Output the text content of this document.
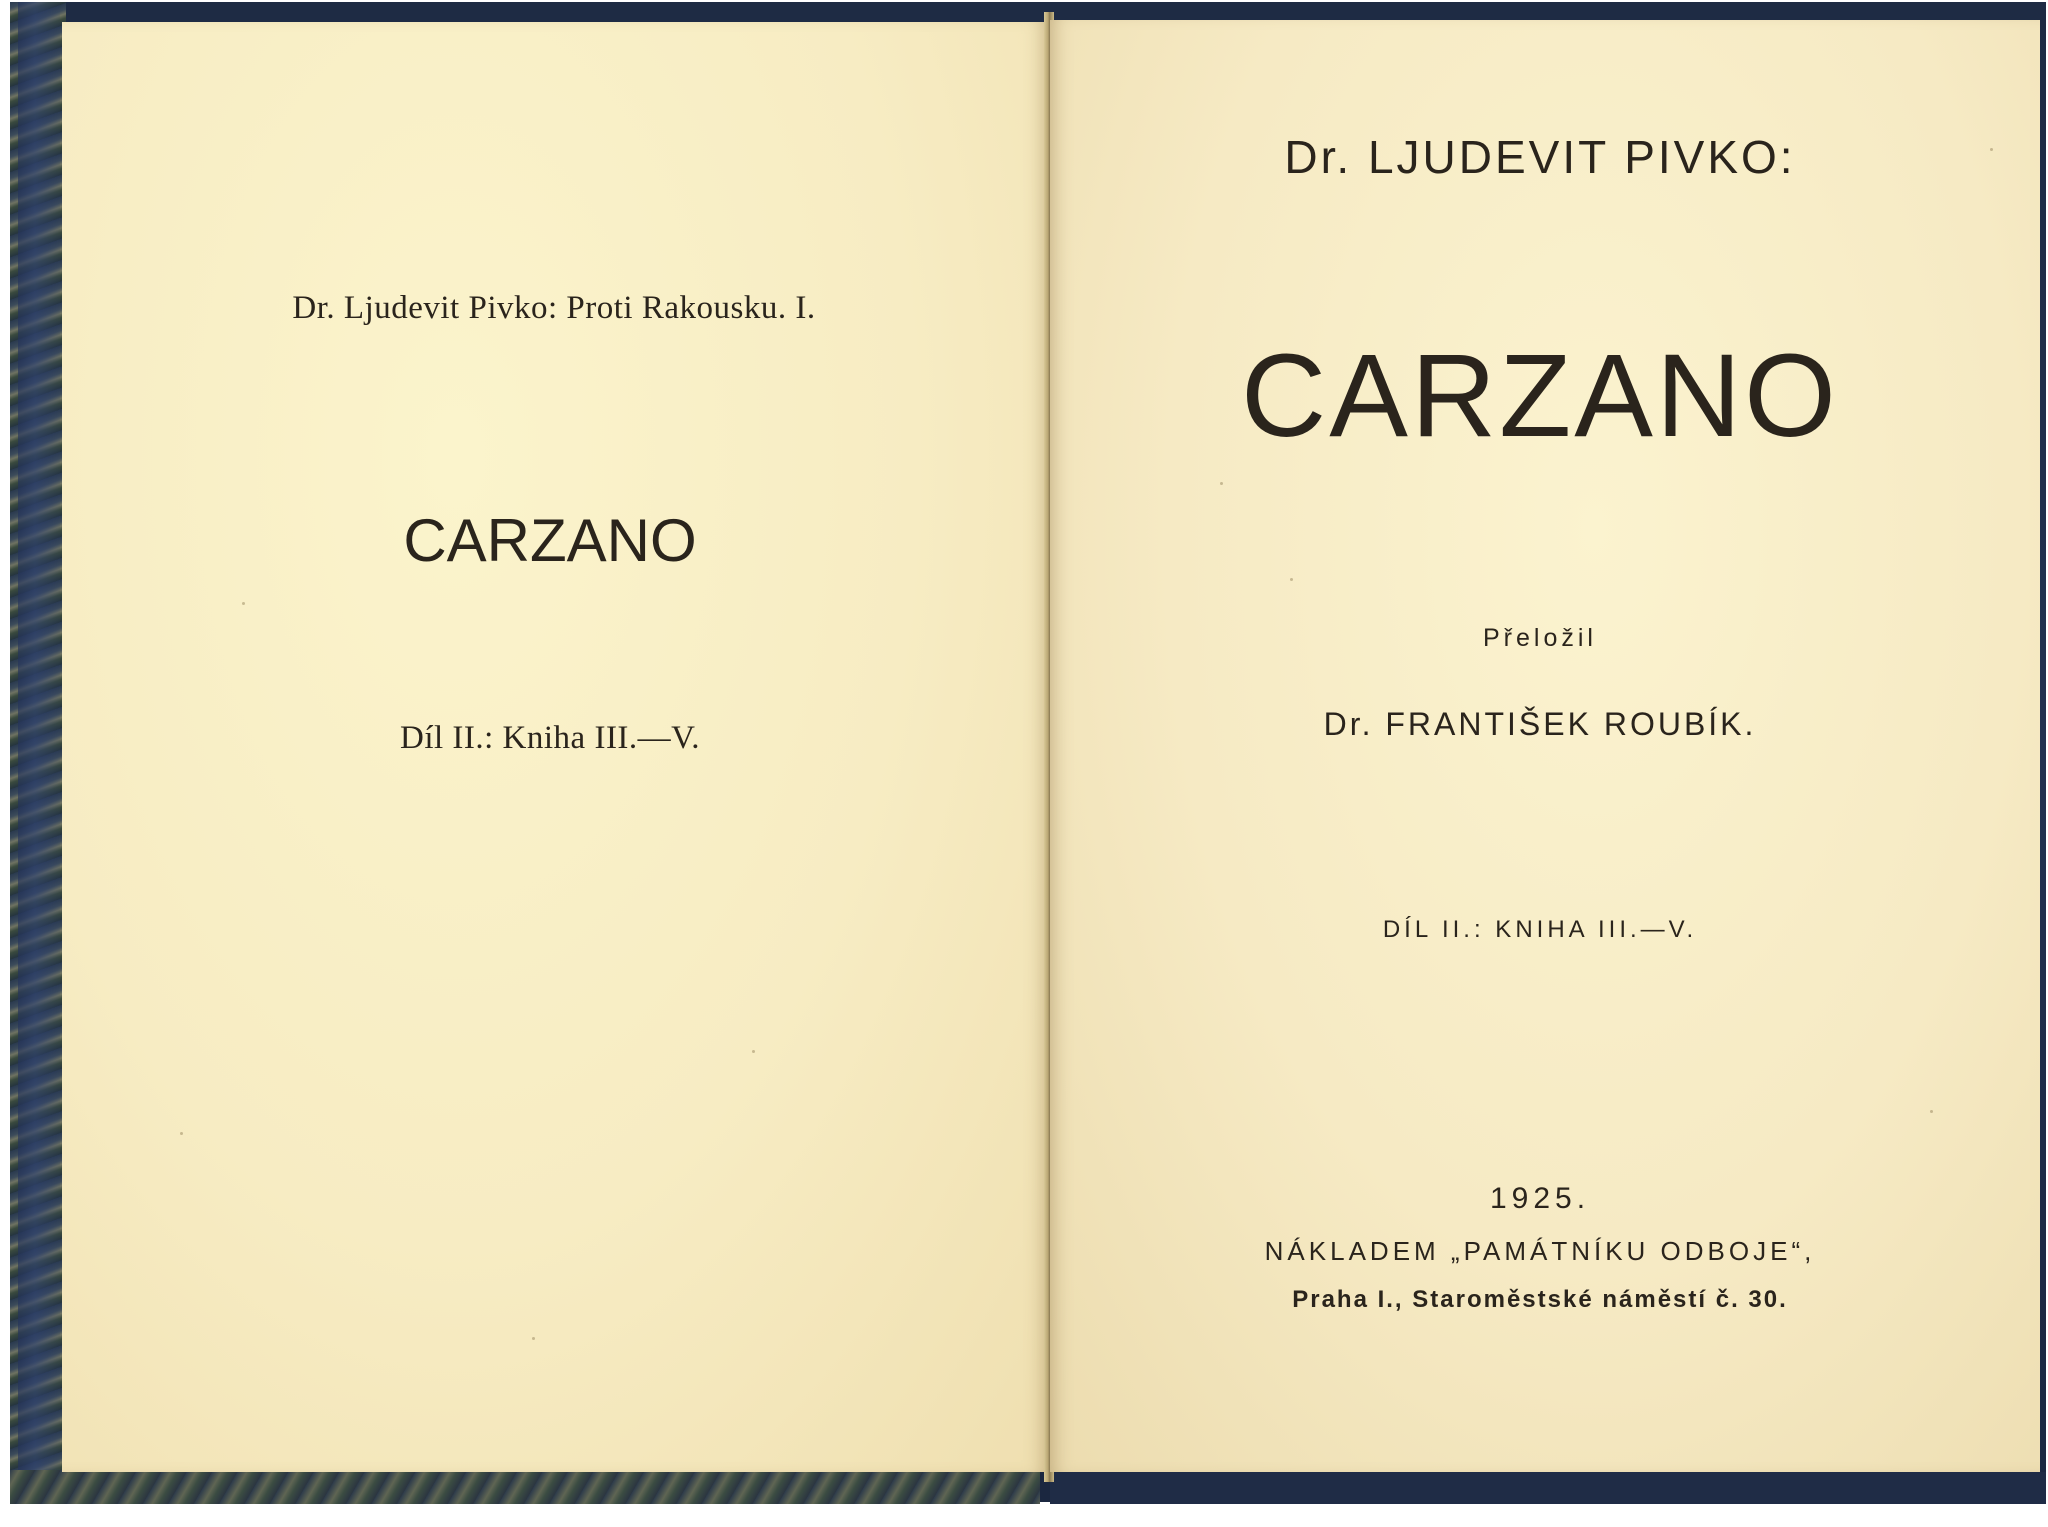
Dr. Ljudevit Pivko: Proti Rakousku. I.
CARZANO
Díl II.: Kniha III.—V.
Dr. LJUDEVIT PIVKO:
CARZANO
Přeložil
Dr. FRANTIŠEK ROUBÍK.
DÍL II.: KNIHA III.—V.
1925.
NÁKLADEM „PAMÁTNÍKU ODBOJE“,
Praha I., Staroměstské náměstí č. 30.
